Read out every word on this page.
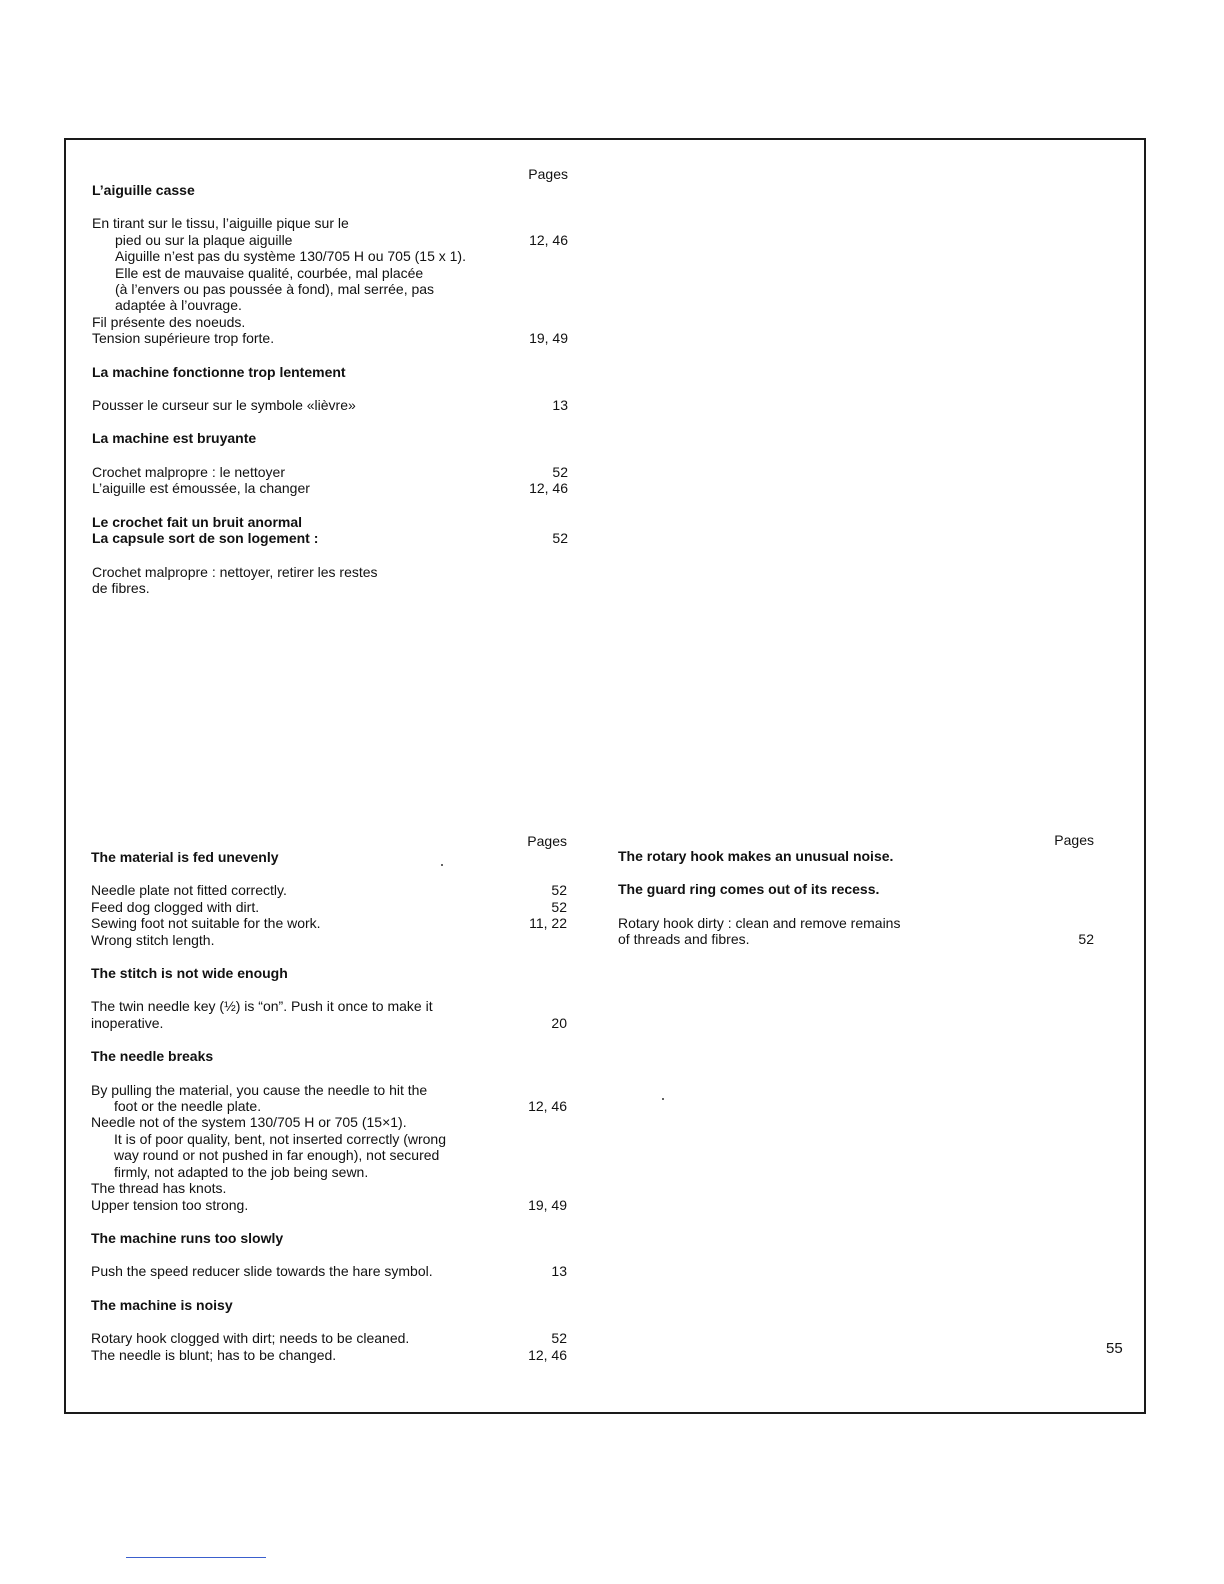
Pages
L’aiguille casse
En tirant sur le tissu, l’aiguille pique sur le
pied ou sur la plaque aiguille	12, 46
Aiguille n’est pas du système 130/705 H ou 705 (15 x 1).
Elle est de mauvaise qualité, courbée, mal placée
(à l’envers ou pas poussée à fond), mal serrée, pas
adaptée à l’ouvrage.
Fil présente des noeuds.
Tension supérieure trop forte.	19, 49
La machine fonctionne trop lentement
Pousser le curseur sur le symbole «lièvre»	13
La machine est bruyante
Crochet malpropre : le nettoyer	52
L’aiguille est émoussée, la changer	12, 46
Le crochet fait un bruit anormal
La capsule sort de son logement :	52
Crochet malpropre : nettoyer, retirer les restes
de fibres.
Pages
The material is fed unevenly
Needle plate not fitted correctly.	52
Feed dog clogged with dirt.	52
Sewing foot not suitable for the work.	11, 22
Wrong stitch length.
The stitch is not wide enough
The twin needle key (½) is “on”. Push it once to make it
inoperative.	20
The needle breaks
By pulling the material, you cause the needle to hit the
foot or the needle plate.	12, 46
Needle not of the system 130/705 H or 705 (15×1).
It is of poor quality, bent, not inserted correctly (wrong
way round or not pushed in far enough), not secured
firmly, not adapted to the job being sewn.
The thread has knots.
Upper tension too strong.	19, 49
The machine runs too slowly
Push the speed reducer slide towards the hare symbol.	13
The machine is noisy
Rotary hook clogged with dirt; needs to be cleaned.	52
The needle is blunt; has to be changed.	12, 46
Pages
The rotary hook makes an unusual noise.
The guard ring comes out of its recess.
Rotary hook dirty : clean and remove remains
of threads and fibres.	52
55
